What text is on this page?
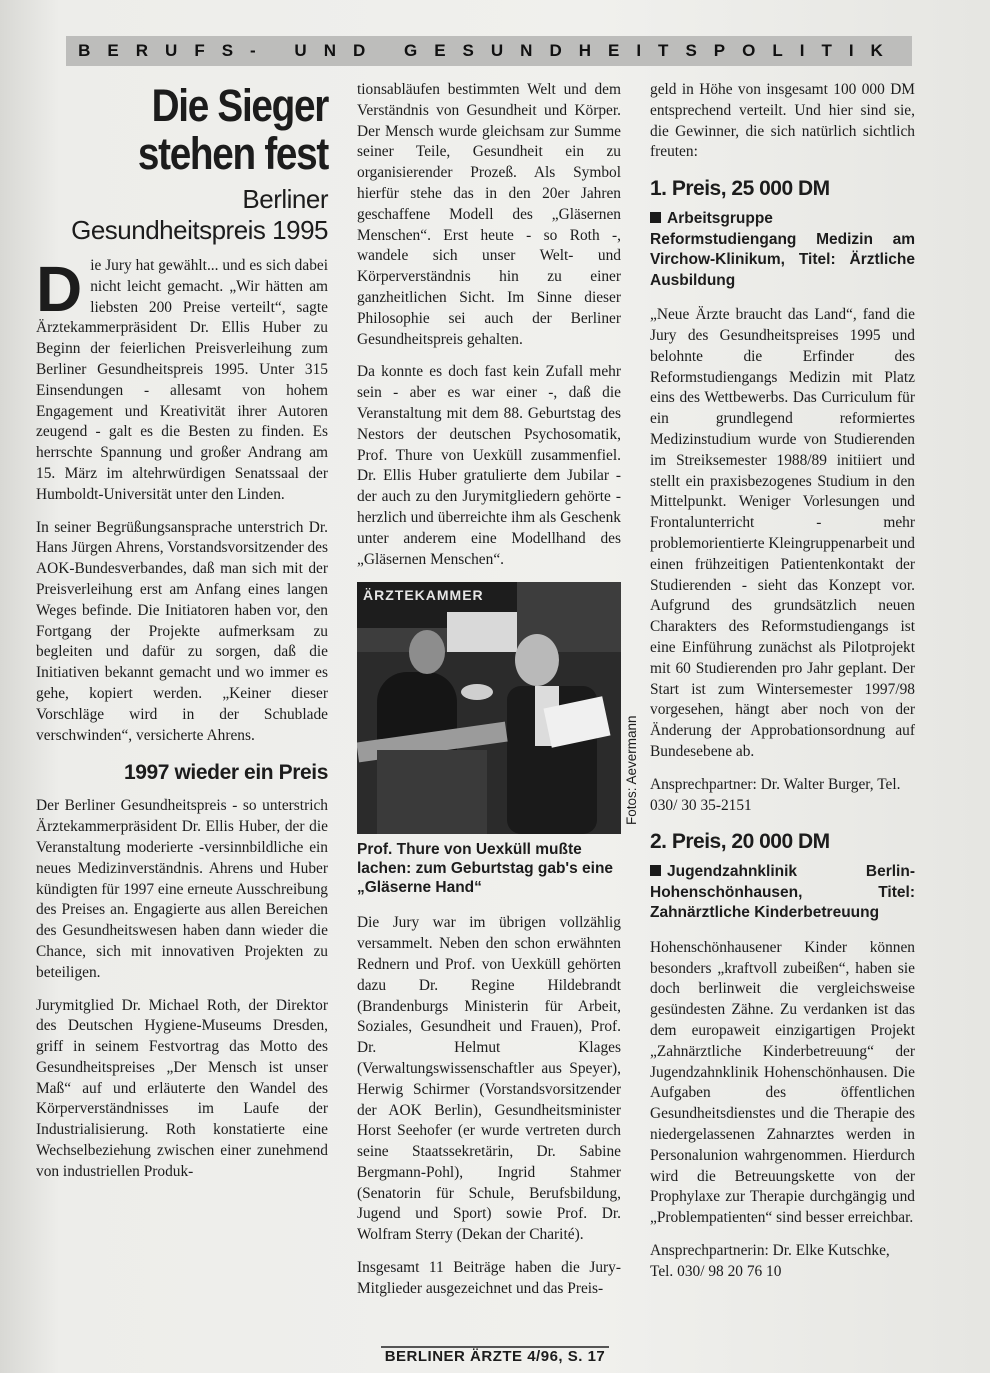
BERUFS- UND GESUNDHEITSPOLITIK
Die Sieger stehen fest
Berliner
Gesundheitspreis 1995

Die Jury hat gewählt... und es sich dabei nicht leicht gemacht. „Wir hätten am liebsten 200 Preise verteilt“, sagte Ärztekammerpräsident Dr. Ellis Huber zu Beginn der feierlichen Preisverleihung zum Berliner Gesundheitspreis 1995. Unter 315 Einsendungen - allesamt von hohem Engagement und Kreativität ihrer Autoren zeugend - galt es die Besten zu finden. Es herrschte Spannung und großer Andrang am 15. März im altehrwürdigen Senatssaal der Humboldt-Universität unter den Linden.

In seiner Begrüßungsansprache unterstrich Dr. Hans Jürgen Ahrens, Vorstandsvorsitzender des AOK-Bundesverbandes, daß man sich mit der Preisverleihung erst am Anfang eines langen Weges befinde. Die Initiatoren haben vor, den Fortgang der Projekte aufmerksam zu begleiten und dafür zu sorgen, daß die Initiativen bekannt gemacht und wo immer es gehe, kopiert werden. „Keiner dieser Vorschläge wird in der Schublade verschwinden“, versicherte Ahrens.

1997 wieder ein Preis

Der Berliner Gesundheitspreis - so unterstrich Ärztekammerpräsident Dr. Ellis Huber, der die Veranstaltung moderierte -versinnbildliche ein neues Medizinverständnis. Ahrens und Huber kündigten für 1997 eine erneute Ausschreibung des Preises an. Engagierte aus allen Bereichen des Gesundheitswesen haben dann wieder die Chance, sich mit innovativen Projekten zu beteiligen.

Jurymitglied Dr. Michael Roth, der Direktor des Deutschen Hygiene-Museums Dresden, griff in seinem Festvortrag das Motto des Gesundheitspreises „Der Mensch ist unser Maß“ auf und erläuterte den Wandel des Körperverständnisses im Laufe der Industrialisierung. Roth konstatierte eine Wechselbeziehung zwischen einer zunehmend von industriellen Produk-

tionsabläufen bestimmten Welt und dem Verständnis von Gesundheit und Körper. Der Mensch wurde gleichsam zur Summe seiner Teile, Gesundheit ein zu organisierender Prozeß. Als Symbol hierfür stehe das in den 20er Jahren geschaffene Modell des „Gläsernen Menschen“. Erst heute - so Roth -, wandele sich unser Welt- und Körperverständnis hin zu einer ganzheitlichen Sicht. Im Sinne dieser Philosophie sei auch der Berliner Gesundheitspreis gehalten.

Da konnte es doch fast kein Zufall mehr sein - aber es war einer -, daß die Veranstaltung mit dem 88. Geburtstag des Nestors der deutschen Psychosomatik, Prof. Thure von Uexküll zusammenfiel. Dr. Ellis Huber gratulierte dem Jubilar - der auch zu den Jurymitgliedern gehörte - herzlich und überreichte ihm als Geschenk unter anderem eine Modellhand des „Gläsernen Menschen“.

ÄRZTEKAMMER
Prof. Thure von Uexküll mußte lachen: zum Geburtstag gab's eine „Gläserne Hand“

Die Jury war im übrigen vollzählig versammelt. Neben den schon erwähnten Rednern und Prof. von Uexküll gehörten dazu Dr. Regine Hildebrandt (Brandenburgs Ministerin für Arbeit, Soziales, Gesundheit und Frauen), Prof. Dr. Helmut Klages (Verwaltungswissenschaftler aus Speyer), Herwig Schirmer (Vorstandsvorsitzender der AOK Berlin), Gesundheitsminister Horst Seehofer (er wurde vertreten durch seine Staatssekretärin, Dr. Sabine Bergmann-Pohl), Ingrid Stahmer (Senatorin für Schule, Berufsbildung, Jugend und Sport) sowie Prof. Dr. Wolfram Sterry (Dekan der Charité).

Insgesamt 11 Beiträge haben die Jury-Mitglieder ausgezeichnet und das Preis-

Fotos: Aevermann

geld in Höhe von insgesamt 100 000 DM entsprechend verteilt. Und hier sind sie, die Gewinner, die sich natürlich sichtlich freuten:

1. Preis, 25 000 DM
Arbeitsgruppe Reformstudiengang Medizin am Virchow-Klinikum, Titel: Ärztliche Ausbildung

„Neue Ärzte braucht das Land“, fand die Jury des Gesundheitspreises 1995 und belohnte die Erfinder des Reformstudiengangs Medizin mit Platz eins des Wettbewerbs. Das Curriculum für ein grundlegend reformiertes Medizinstudium wurde von Studierenden im Streiksemester 1988/89 initiiert und stellt ein praxisbezogenes Studium in den Mittelpunkt. Weniger Vorlesungen und Frontalunterricht - mehr problemorientierte Kleingruppenarbeit und einen frühzeitigen Patientenkontakt der Studierenden - sieht das Konzept vor. Aufgrund des grundsätzlich neuen Charakters des Reformstudiengangs ist eine Einführung zunächst als Pilotprojekt mit 60 Studierenden pro Jahr geplant. Der Start ist zum Wintersemester 1997/98 vorgesehen, hängt aber noch von der Änderung der Approbationsordnung auf Bundesebene ab.

Ansprechpartner: Dr. Walter Burger, Tel. 030/ 30 35-2151

2. Preis, 20 000 DM
Jugendzahnklinik Berlin-Hohenschönhausen, Titel: Zahnärztliche Kinderbetreuung

Hohenschönhausener Kinder können besonders „kraftvoll zubeißen“, haben sie doch berlinweit die vergleichsweise gesündesten Zähne. Zu verdanken ist das dem europaweit einzigartigen Projekt „Zahnärztliche Kinderbetreuung“ der Jugendzahnklinik Hohenschönhausen. Die Aufgaben des öffentlichen Gesundheitsdienstes und die Therapie des niedergelassenen Zahnarztes werden in Personalunion wahrgenommen. Hierdurch wird die Betreuungskette von der Prophylaxe zur Therapie durchgängig und „Problempatienten“ sind besser erreichbar.

Ansprechpartnerin: Dr. Elke Kutschke, Tel. 030/ 98 20 76 10

BERLINER ÄRZTE 4/96, S. 17
